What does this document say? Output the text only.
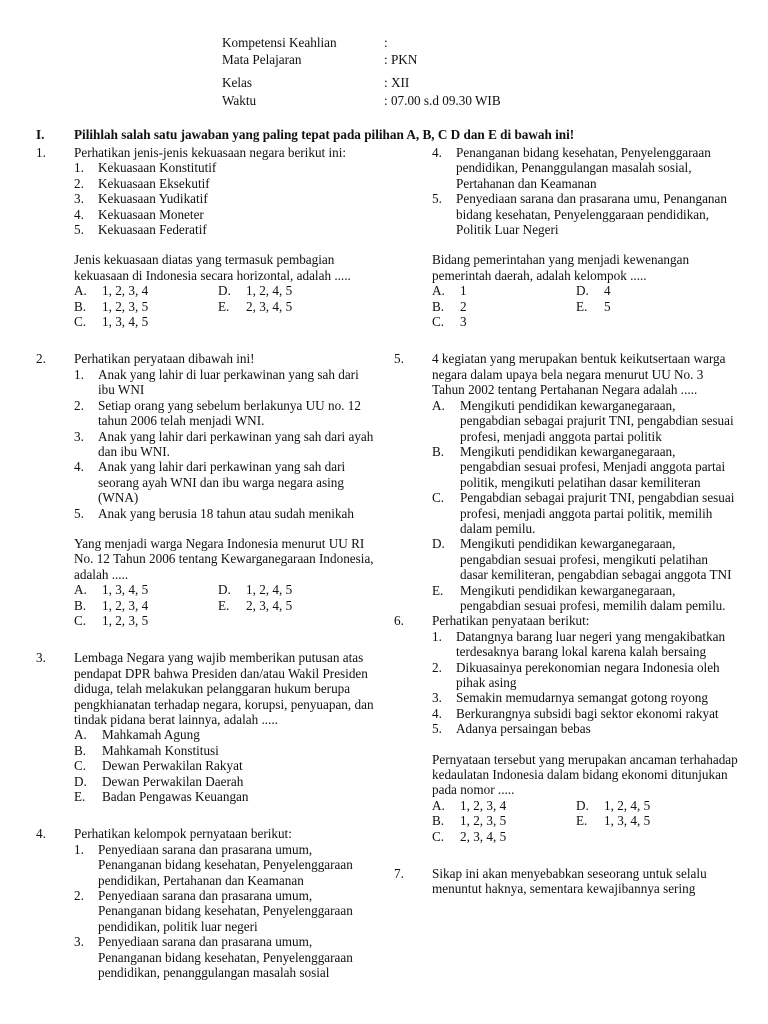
Kompetensi Keahlian	:
Mata Pelajaran	: PKN
Kelas	: XII
Waktu	: 07.00 s.d 09.30 WIB
I. Pilihlah salah satu jawaban yang paling tepat pada pilihan A, B, C D dan E di bawah ini!
1. Perhatikan jenis-jenis kekuasaan negara berikut ini:
1. Kekuasaan Konstitutif
2. Kekuasaan Eksekutif
3. Kekuasaan Yudikatif
4. Kekuasaan Moneter
5. Kekuasaan Federatif
Jenis kekuasaan diatas yang termasuk pembagian kekuasaan di Indonesia secara horizontal, adalah .....
A. 1, 2, 3, 4	D. 1, 2, 4, 5
B. 1, 2, 3, 5	E. 2, 3, 4, 5
C. 1, 3, 4, 5
2. Perhatikan peryataan dibawah ini!
1. Anak yang lahir di luar perkawinan yang sah dari ibu WNI
2. Setiap orang yang sebelum berlakunya UU no. 12 tahun 2006 telah menjadi WNI.
3. Anak yang lahir dari perkawinan yang sah dari ayah dan ibu WNI.
4. Anak yang lahir dari perkawinan yang sah dari seorang ayah WNI dan ibu warga negara asing (WNA)
5. Anak yang berusia 18 tahun atau sudah menikah
Yang menjadi warga Negara Indonesia menurut UU RI No. 12 Tahun 2006 tentang Kewarganegaraan Indonesia, adalah .....
A. 1, 3, 4, 5	D. 1, 2, 4, 5
B. 1, 2, 3, 4	E. 2, 3, 4, 5
C. 1, 2, 3, 5
3. Lembaga Negara yang wajib memberikan putusan atas pendapat DPR bahwa Presiden dan/atau Wakil Presiden diduga, telah melakukan pelanggaran hukum berupa pengkhianatan terhadap negara, korupsi, penyuapan, dan tindak pidana berat lainnya, adalah .....
A. Mahkamah Agung
B. Mahkamah Konstitusi
C. Dewan Perwakilan Rakyat
D. Dewan Perwakilan Daerah
E. Badan Pengawas Keuangan
4. Perhatikan kelompok pernyataan berikut:
1. Penyediaan sarana dan prasarana umum, Penanganan bidang kesehatan, Penyelenggaraan pendidikan, Pertahanan dan Keamanan
2. Penyediaan sarana dan prasarana umum, Penanganan bidang kesehatan, Penyelenggaraan pendidikan, politik luar negeri
3. Penyediaan sarana dan prasarana umum, Penanganan bidang kesehatan, Penyelenggaraan pendidikan, penanggulangan masalah sosial
4. Penanganan bidang kesehatan, Penyelenggaraan pendidikan, Penanggulangan masalah sosial, Pertahanan dan Keamanan
5. Penyediaan sarana dan prasarana umu, Penanganan bidang kesehatan, Penyelenggaraan pendidikan, Politik Luar Negeri
Bidang pemerintahan yang menjadi kewenangan pemerintah daerah, adalah kelompok .....
A. 1	D. 4
B. 2	E. 5
C. 3
5. 4 kegiatan yang merupakan bentuk keikutsertaan warga negara dalam upaya bela negara menurut UU No. 3 Tahun 2002 tentang Pertahanan Negara adalah .....
A. Mengikuti pendidikan kewarganegaraan, pengabdian sebagai prajurit TNI, pengabdian sesuai profesi, menjadi anggota partai politik
B. Mengikuti pendidikan kewarganegaraan, pengabdian sesuai profesi, Menjadi anggota partai politik, mengikuti pelatihan dasar kemiliteran
C. Pengabdian sebagai prajurit TNI, pengabdian sesuai profesi, menjadi anggota partai politik, memilih dalam pemilu.
D. Mengikuti pendidikan kewarganegaraan, pengabdian sesuai profesi, mengikuti pelatihan dasar kemiliteran, pengabdian sebagai anggota TNI
E. Mengikuti pendidikan kewarganegaraan, pengabdian sesuai profesi, memilih dalam pemilu.
6. Perhatikan penyataan berikut:
1. Datangnya barang luar negeri yang mengakibatkan terdesaknya barang lokal karena kalah bersaing
2. Dikuasainya perekonomian negara Indonesia oleh pihak asing
3. Semakin memudarnya semangat gotong royong
4. Berkurangnya subsidi bagi sektor ekonomi rakyat
5. Adanya persaingan bebas
Pernyataan tersebut yang merupakan ancaman terhahadap kedaulatan Indonesia dalam bidang ekonomi ditunjukan pada nomor .....
A. 1, 2, 3, 4	D. 1, 2, 4, 5
B. 1, 2, 3, 5	E. 1, 3, 4, 5
C. 2, 3, 4, 5
7. Sikap ini akan menyebabkan seseorang untuk selalu menuntut haknya, sementara kewajibannya sering
